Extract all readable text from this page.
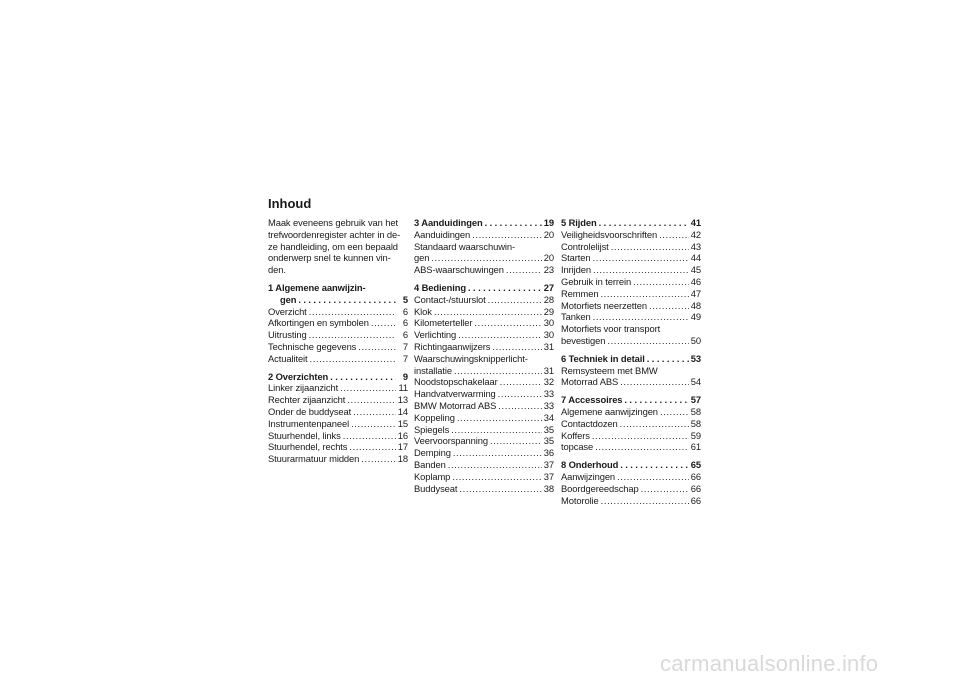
Inhoud

Maak eveneens gebruik van het trefwoordenregister achter in de-ze handleiding, om een bepaald onderwerp snel te kunnen vin-den.

1 Algemene aanwijzin-
gen . . .	5
Overzicht .....	6
Afkortingen en symbolen .....	6
Uitrusting .....	6
Technische gegevens .....	7
Actualiteit .....	7
2 Overzichten . . .	9
Linker zijaanzicht .....	11
Rechter zijaanzicht .....	13
Onder de buddyseat .....	14
Instrumentenpaneel .....	15
Stuurhendel, links .....	16
Stuurhendel, rechts .....	17
Stuurarmatuur midden .....	18
3 Aanduidingen . . .	19
Aanduidingen .....	20
Standaard waarschuwin-
gen .....	20
ABS-waarschuwingen .....	23
4 Bediening . . .	27
Contact-/stuurslot .....	28
Klok .....	29
Kilometerteller .....	30
Verlichting .....	30
Richtingaanwijzers .....	31
Waarschuwingsknipperlicht-
installatie .....	31
Noodstopschakelaar .....	32
Handvatverwarming .....	33
BMW Motorrad ABS .....	33
Koppeling .....	34
Spiegels .....	35
Veervoorspanning .....	35
Demping .....	36
Banden .....	37
Koplamp .....	37
Buddyseat .....	38
5 Rijden . . .	41
Veiligheidsvoorschriften .....	42
Controlelijst .....	43
Starten .....	44
Inrijden .....	45
Gebruik in terrein .....	46
Remmen .....	47
Motorfiets neerzetten .....	48
Tanken .....	49
Motorfiets voor transport
bevestigen .....	50
6 Techniek in detail . . .	53
Remsysteem met BMW
Motorrad ABS .....	54
7 Accessoires . . .	57
Algemene aanwijzingen .....	58
Contactdozen .....	58
Koffers .....	59
topcase .....	61
8 Onderhoud . . .	65
Aanwijzingen .....	66
Boordgereedschap .....	66
Motorolie .....	66
carmanualsonline.info
